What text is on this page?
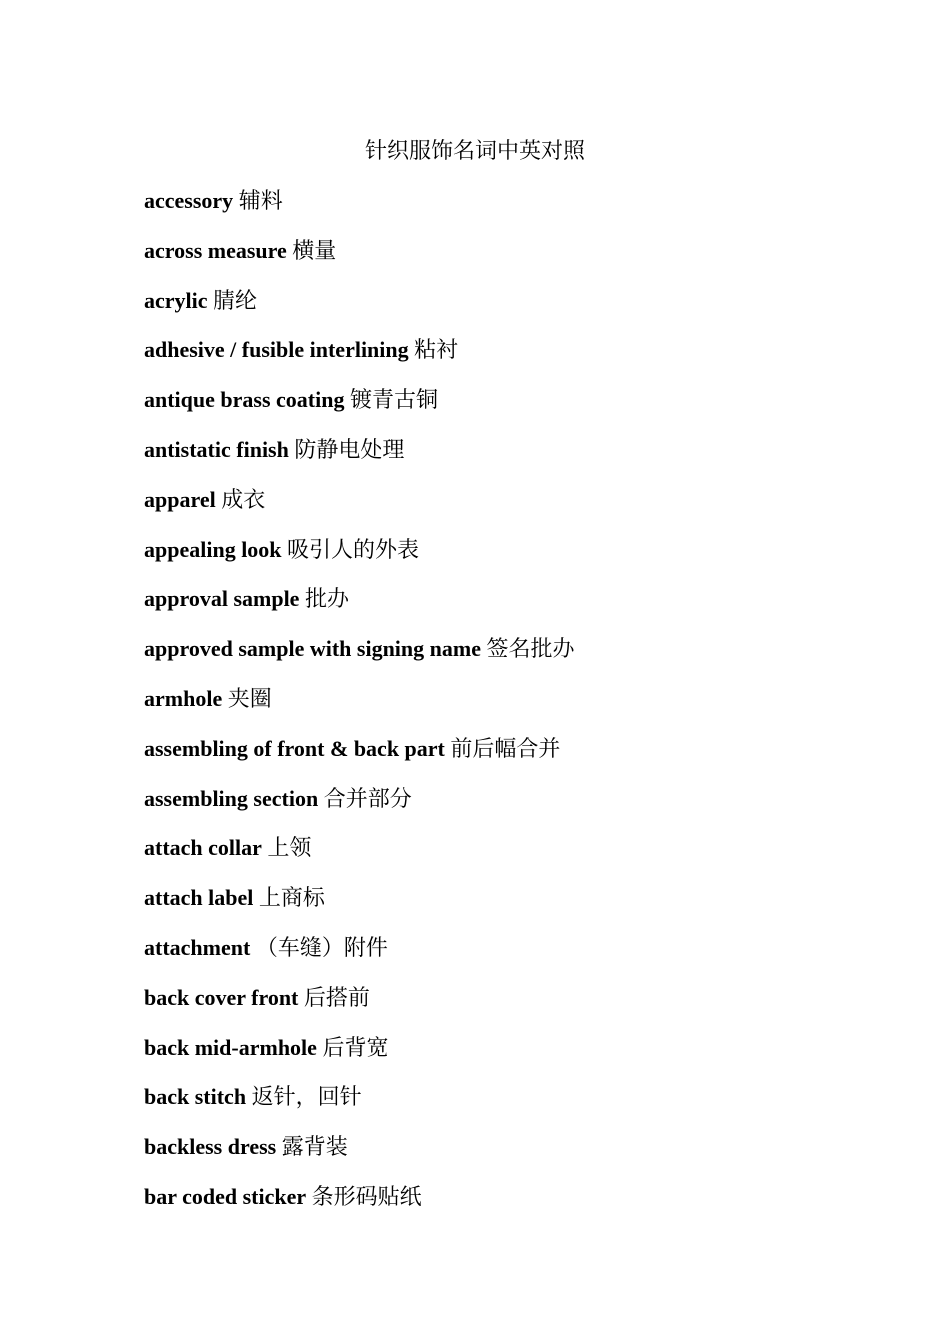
针织服饰名词中英对照
accessory 辅料
across measure 横量
acrylic 腈纶
adhesive / fusible interlining 粘衬
antique brass coating 镀青古铜
antistatic finish 防静电处理
apparel 成衣
appealing look 吸引人的外表
approval sample 批办
approved sample with signing name 签名批办
armhole 夹圈
assembling of front & back part 前后幅合并
assembling section 合并部分
attach collar 上领
attach label 上商标
attachment （车缝）附件
back cover front 后搭前
back mid-armhole 后背宽
back stitch 返针，回针
backless dress 露背装
bar coded sticker 条形码贴纸
